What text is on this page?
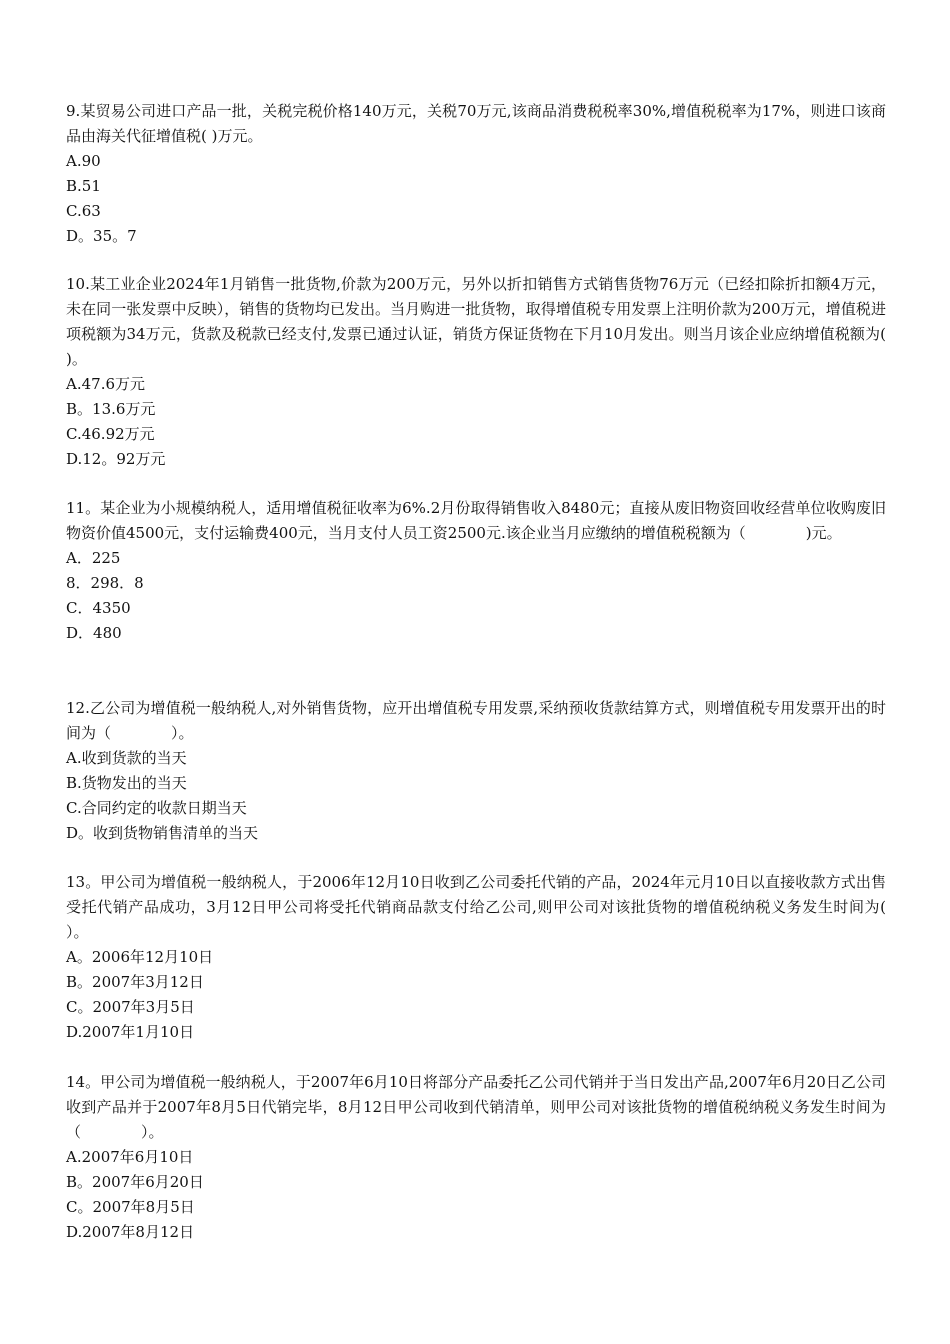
9.某贸易公司进口产品一批，关税完税价格140万元，关税70万元,该商品消费税税率30%,增值税税率为17%，则进口该商品由海关代征增值税( )万元。

A.90
B.51
C.63
D。35。7

10.某工业企业2024年1月销售一批货物,价款为200万元，另外以折扣销售方式销售货物76万元（已经扣除折扣额4万元，未在同一张发票中反映），销售的货物均已发出。当月购进一批货物，取得增值税专用发票上注明价款为200万元，增值税进项税额为34万元，货款及税款已经支付,发票已通过认证，销货方保证货物在下月10月发出。则当月该企业应纳增值税额为( )。

A.47.6万元
B。13.6万元
C.46.92万元
D.12。92万元

11。某企业为小规模纳税人，适用增值税征收率为6%.2月份取得销售收入8480元；直接从废旧物资回收经营单位收购废旧物资价值4500元，支付运输费400元，当月支付人员工资2500元.该企业当月应缴纳的增值税税额为（　　　　)元。

A．225
8．298．8
C．4350
D．480

12.乙公司为增值税一般纳税人,对外销售货物，应开出增值税专用发票,采纳预收货款结算方式，则增值税专用发票开出的时间为（　　　　）。

A.收到货款的当天
B.货物发出的当天
C.合同约定的收款日期当天
D。收到货物销售清单的当天

13。甲公司为增值税一般纳税人，于2006年12月10日收到乙公司委托代销的产品，2024年元月10日以直接收款方式出售受托代销产品成功，3月12日甲公司将受托代销商品款支付给乙公司,则甲公司对该批货物的增值税纳税义务发生时间为(　　　　）。

A。2006年12月10日
B。2007年3月12日
C。2007年3月5日
D.2007年1月10日

14。甲公司为增值税一般纳税人，于2007年6月10日将部分产品委托乙公司代销并于当日发出产品,2007年6月20日乙公司收到产品并于2007年8月5日代销完毕，8月12日甲公司收到代销清单，则甲公司对该批货物的增值税纳税义务发生时间为（　　　　）。

A.2007年6月10日
B。2007年6月20日
C。2007年8月5日
D.2007年8月12日
